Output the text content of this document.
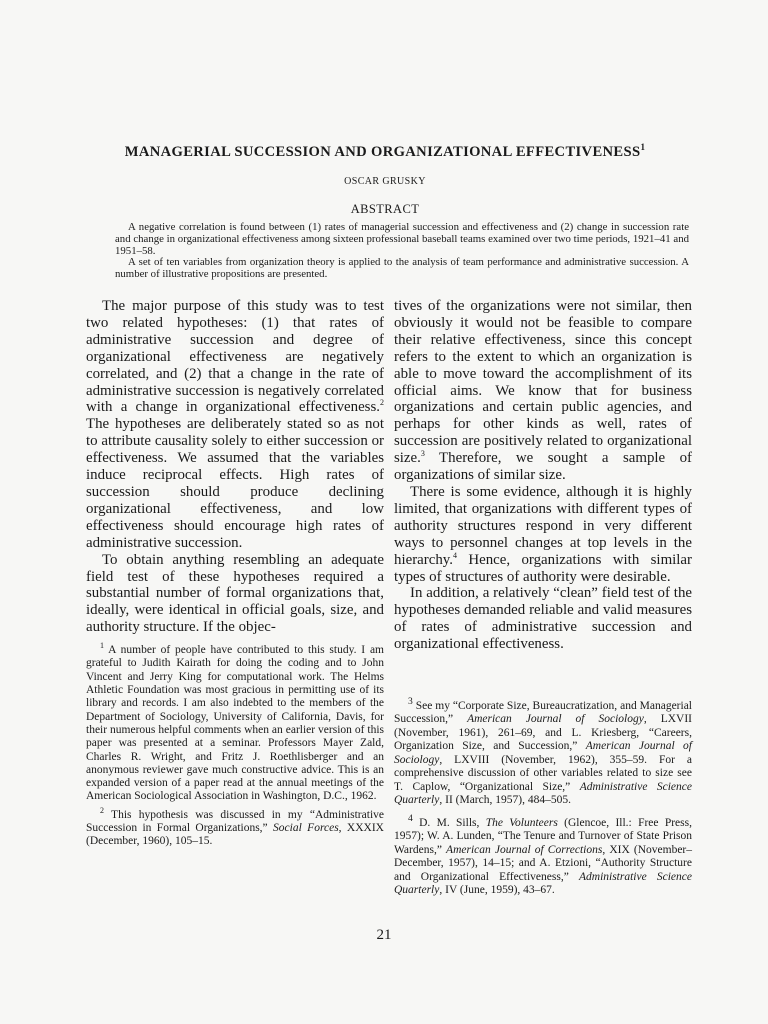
MANAGERIAL SUCCESSION AND ORGANIZATIONAL EFFECTIVENESS$^1$
OSCAR GRUSKY
ABSTRACT

A negative correlation is found between (1) rates of managerial succession and effectiveness and (2) change in succession rate and change in organizational effectiveness among sixteen professional baseball teams examined over two time periods, 1921–41 and 1951–58.

A set of ten variables from organization theory is applied to the analysis of team performance and administrative succession. A number of illustrative propositions are presented.

The major purpose of this study was to test two related hypotheses: (1) that rates of administrative succession and degree of organizational effectiveness are negatively correlated, and (2) that a change in the rate of administrative succession is negatively correlated with a change in organizational effectiveness.$^2$ The hypotheses are deliberately stated so as not to attribute causality solely to either succession or effectiveness. We assumed that the variables induce reciprocal effects. High rates of succession should produce declining organizational effectiveness, and low effectiveness should encourage high rates of administrative succession.

To obtain anything resembling an adequate field test of these hypotheses required a substantial number of formal organizations that, ideally, were identical in official goals, size, and authority structure. If the objec-

$^1$ A number of people have contributed to this study. I am grateful to Judith Kairath for doing the coding and to John Vincent and Jerry King for computational work. The Helms Athletic Foundation was most gracious in permitting use of its library and records. I am also indebted to the members of the Department of Sociology, University of California, Davis, for their numerous helpful comments when an earlier version of this paper was presented at a seminar. Professors Mayer Zald, Charles R. Wright, and Fritz J. Roethlisberger and an anonymous reviewer gave much constructive advice. This is an expanded version of a paper read at the annual meetings of the American Sociological Association in Washington, D.C., 1962.

$^2$ This hypothesis was discussed in my “Administrative Succession in Formal Organizations,” Social Forces, XXXIX (December, 1960), 105–15.

tives of the organizations were not similar, then obviously it would not be feasible to compare their relative effectiveness, since this concept refers to the extent to which an organization is able to move toward the accomplishment of its official aims. We know that for business organizations and certain public agencies, and perhaps for other kinds as well, rates of succession are positively related to organizational size.$^3$ Therefore, we sought a sample of organizations of similar size.

There is some evidence, although it is highly limited, that organizations with different types of authority structures respond in very different ways to personnel changes at top levels in the hierarchy.$^4$ Hence, organizations with similar types of structures of authority were desirable.

In addition, a relatively “clean” field test of the hypotheses demanded reliable and valid measures of rates of administrative succession and organizational effectiveness.

$^3$ See my “Corporate Size, Bureaucratization, and Managerial Succession,” American Journal of Sociology, LXVII (November, 1961), 261–69, and L. Kriesberg, “Careers, Organization Size, and Succession,” American Journal of Sociology, LXVIII (November, 1962), 355–59. For a comprehensive discussion of other variables related to size see T. Caplow, “Organizational Size,” Administrative Science Quarterly, II (March, 1957), 484–505.

$^4$ D. M. Sills, The Volunteers (Glencoe, Ill.: Free Press, 1957); W. A. Lunden, “The Tenure and Turnover of State Prison Wardens,” American Journal of Corrections, XIX (November–December, 1957), 14–15; and A. Etzioni, “Authority Structure and Organizational Effectiveness,” Administrative Science Quarterly, IV (June, 1959), 43–67.

21
